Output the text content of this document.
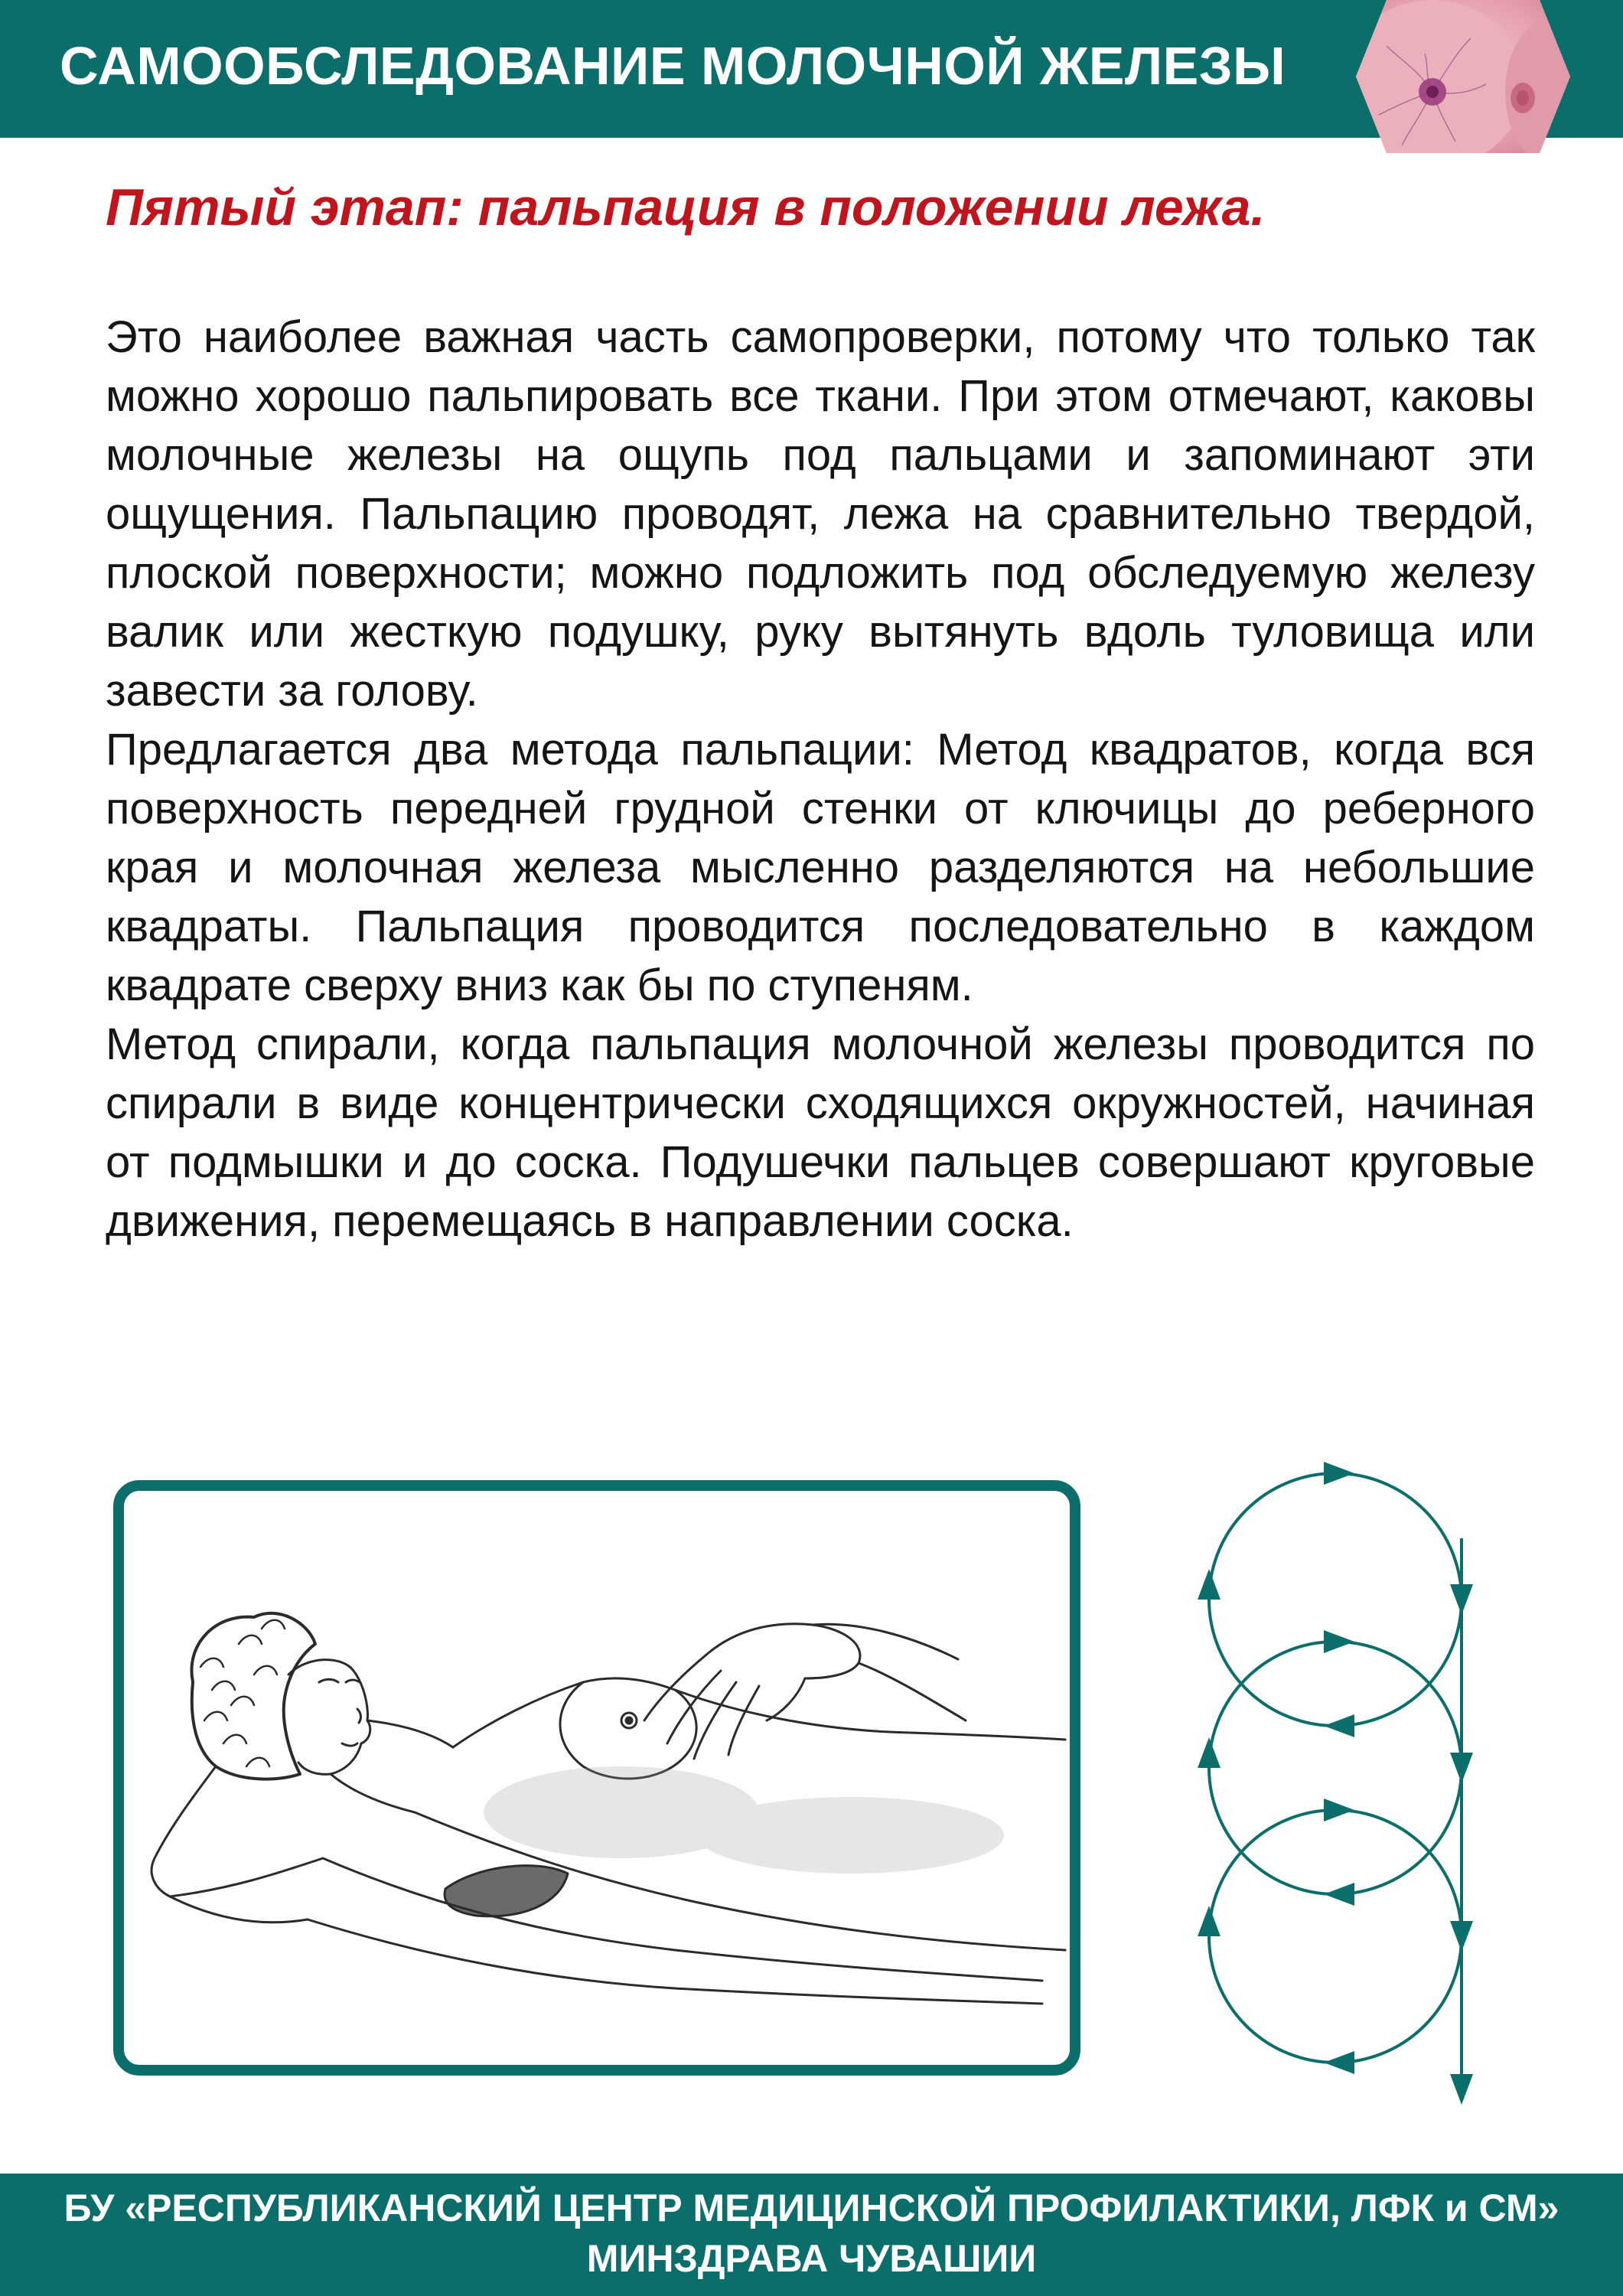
САМООБСЛЕДОВАНИЕ МОЛОЧНОЙ ЖЕЛЕЗЫ
Пятый этап: пальпация в положении лежа.

Это наиболее важная часть самопроверки, потому что только так можно хорошо пальпировать все ткани. При этом отмечают, каковы молочные железы на ощупь под пальцами и запоминают эти ощущения. Пальпацию проводят, лежа на сравнительно твердой, плоской поверхности; можно подложить под обследуемую железу валик или жесткую подушку, руку вытянуть вдоль туловища или завести за голову.

Предлагается два метода пальпации: Метод квадратов, когда вся поверхность передней грудной стенки от ключицы до реберного края и молочная железа мысленно разделяются на небольшие квадраты. Пальпация проводится последовательно в каждом квадрате сверху вниз как бы по ступеням.

Метод спирали, когда пальпация молочной железы проводится по спирали в виде концентрически сходящихся окружностей, начиная от подмышки и до соска. Подушечки пальцев совершают круговые движения, перемещаясь в направлении соска.

БУ «РЕСПУБЛИКАНСКИЙ ЦЕНТР МЕДИЦИНСКОЙ ПРОФИЛАКТИКИ, ЛФК и СМ»
МИНЗДРАВА ЧУВАШИИ
